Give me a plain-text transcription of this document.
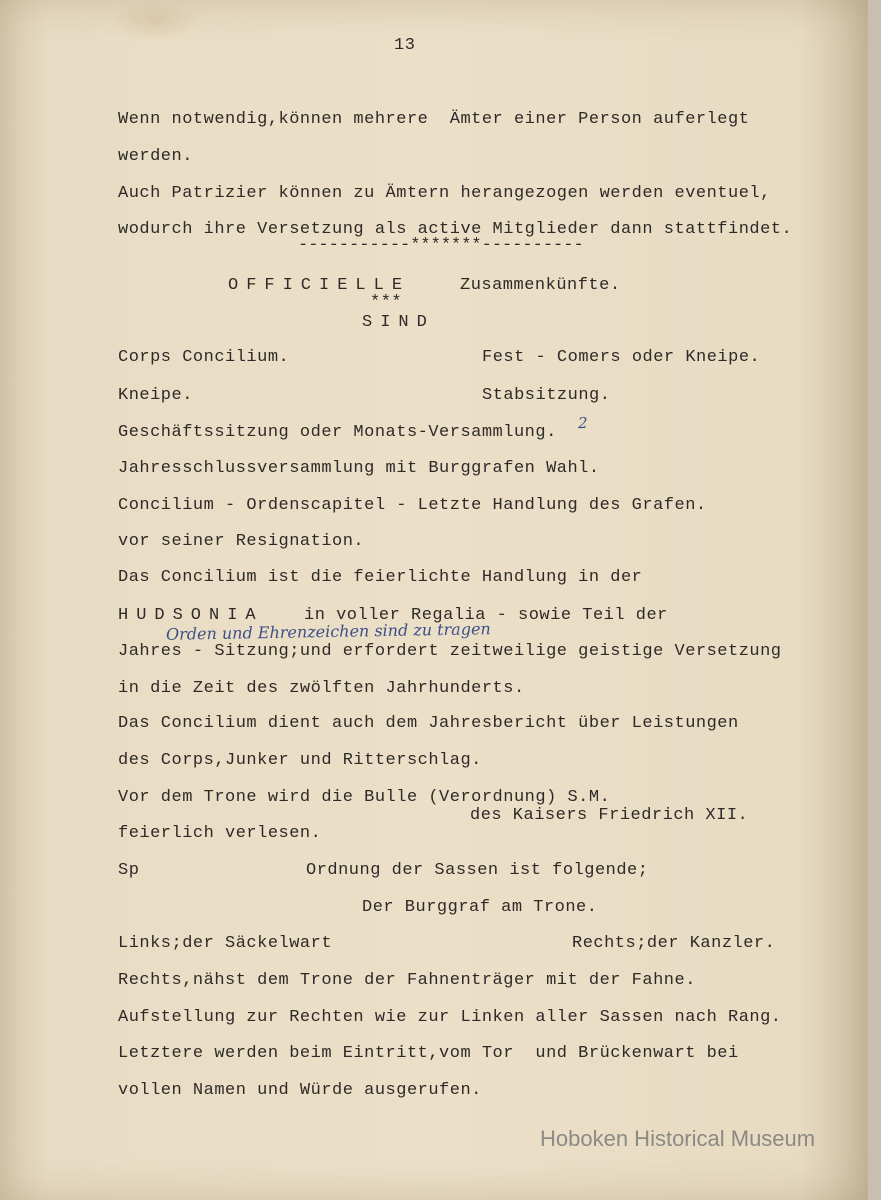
13

Wenn notwendig,können mehrere  Ämter einer Person auferlegt

werden.

Auch Patrizier können zu Ämtern herangezogen werden eventuel,

wodurch ihre Versetzung als active Mitglieder dann stattfindet.

-----------*******----------

OFFICIELLE	Zusammenkünfte.

***

SIND

Corps Concilium.	Fest - Comers oder Kneipe.

Kneipe.	Stabsitzung.

Geschäftssitzung oder Monats-Versammlung. 2

Jahresschlussversammlung mit Burggrafen Wahl.

Concilium - Ordenscapitel - Letzte Handlung des Grafen.

vor seiner Resignation.

Das Concilium ist die feierlichte Handlung in der

HUDSONIA in voller Regalia - sowie Teil der

Orden und Ehrenzeichen sind zu tragen

Jahres - Sitzung;und erfordert zeitweilige geistige Versetzung

in die Zeit des zwölften Jahrhunderts.

Das Concilium dient auch dem Jahresbericht über Leistungen

des Corps,Junker und Ritterschlag.

Vor dem Trone wird die Bulle (Verordnung) S.M.

des Kaisers Friedrich XII.

feierlich verlesen.

Sp	Ordnung der Sassen ist folgende;

Der Burggraf am Trone.

Links;der Säckelwart	Rechts;der Kanzler.

Rechts,nähst dem Trone der Fahnenträger mit der Fahne.

Aufstellung zur Rechten wie zur Linken aller Sassen nach Rang.

Letztere werden beim Eintritt,vom Tor  und Brückenwart bei

vollen Namen und Würde ausgerufen.

Hoboken Historical Museum
